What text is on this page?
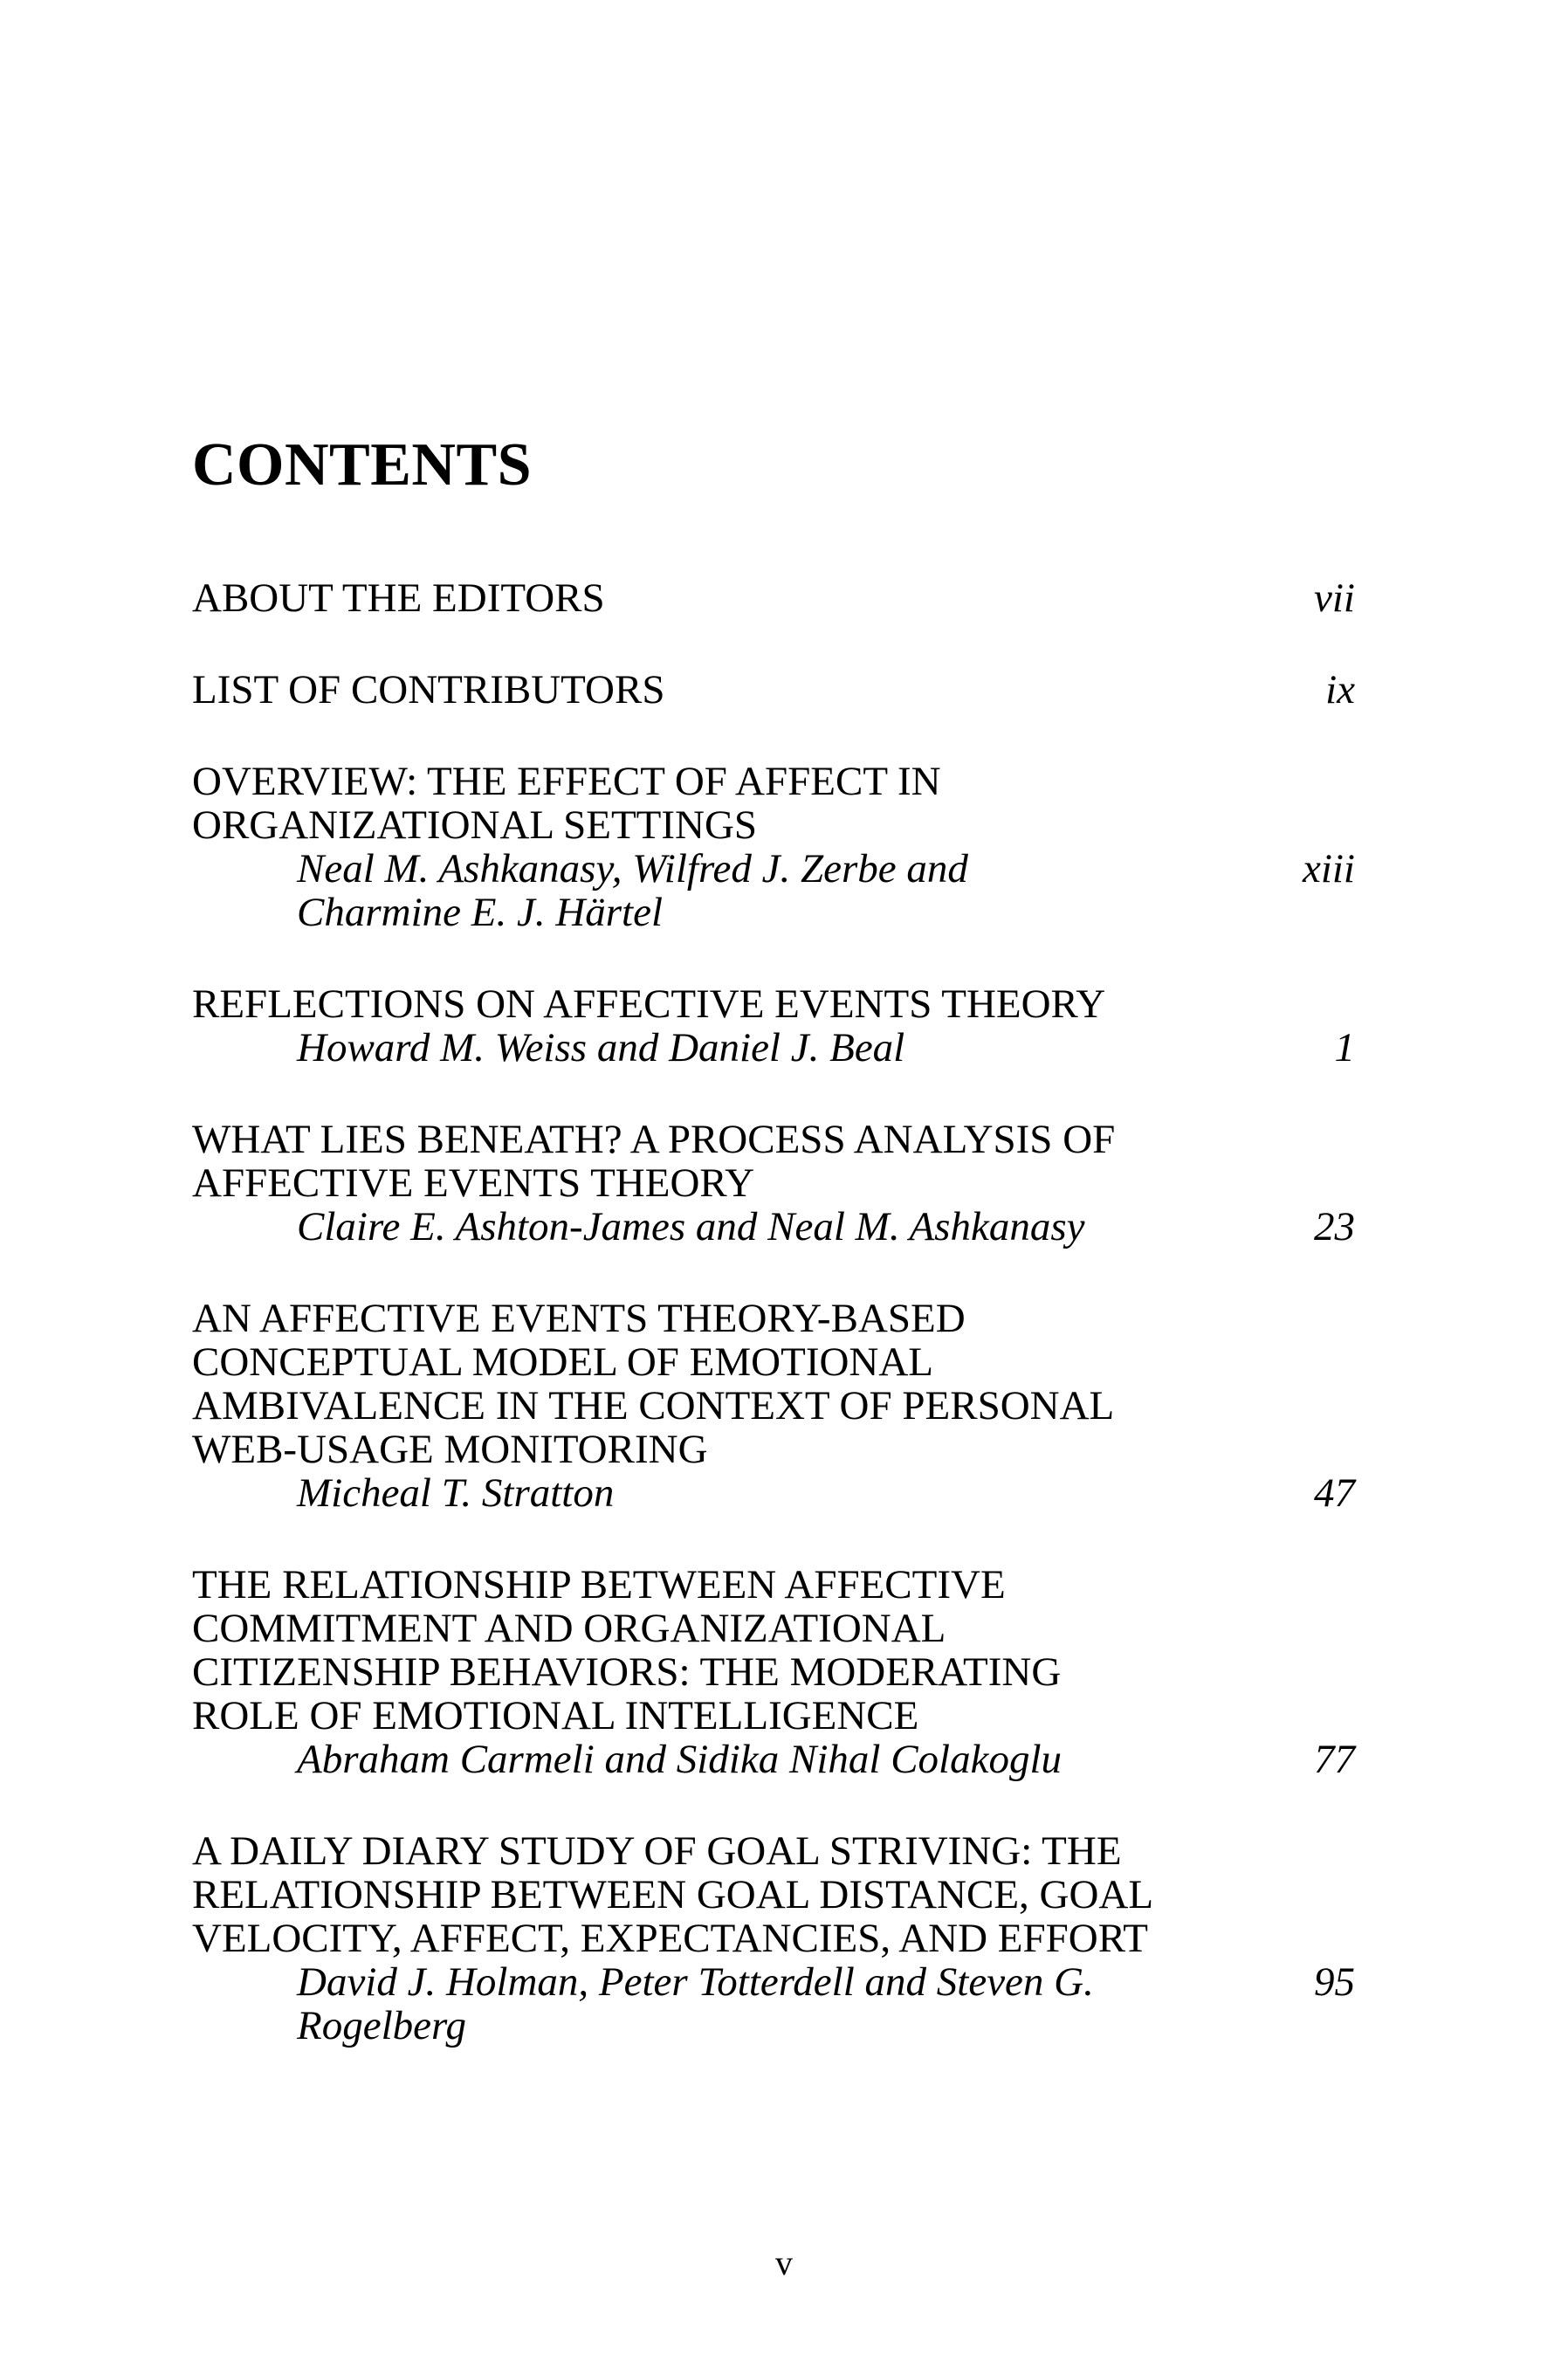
CONTENTS
ABOUT THE EDITORS	vii
LIST OF CONTRIBUTORS	ix
OVERVIEW: THE EFFECT OF AFFECT IN
ORGANIZATIONAL SETTINGS
Neal M. Ashkanasy, Wilfred J. Zerbe and	xiii
Charmine E. J. Härtel
REFLECTIONS ON AFFECTIVE EVENTS THEORY
Howard M. Weiss and Daniel J. Beal	1
WHAT LIES BENEATH? A PROCESS ANALYSIS OF
AFFECTIVE EVENTS THEORY
Claire E. Ashton-James and Neal M. Ashkanasy	23
AN AFFECTIVE EVENTS THEORY-BASED
CONCEPTUAL MODEL OF EMOTIONAL
AMBIVALENCE IN THE CONTEXT OF PERSONAL
WEB-USAGE MONITORING
Micheal T. Stratton	47
THE RELATIONSHIP BETWEEN AFFECTIVE
COMMITMENT AND ORGANIZATIONAL
CITIZENSHIP BEHAVIORS: THE MODERATING
ROLE OF EMOTIONAL INTELLIGENCE
Abraham Carmeli and Sidika Nihal Colakoglu	77
A DAILY DIARY STUDY OF GOAL STRIVING: THE
RELATIONSHIP BETWEEN GOAL DISTANCE, GOAL
VELOCITY, AFFECT, EXPECTANCIES, AND EFFORT
David J. Holman, Peter Totterdell and Steven G.	95
Rogelberg
v
